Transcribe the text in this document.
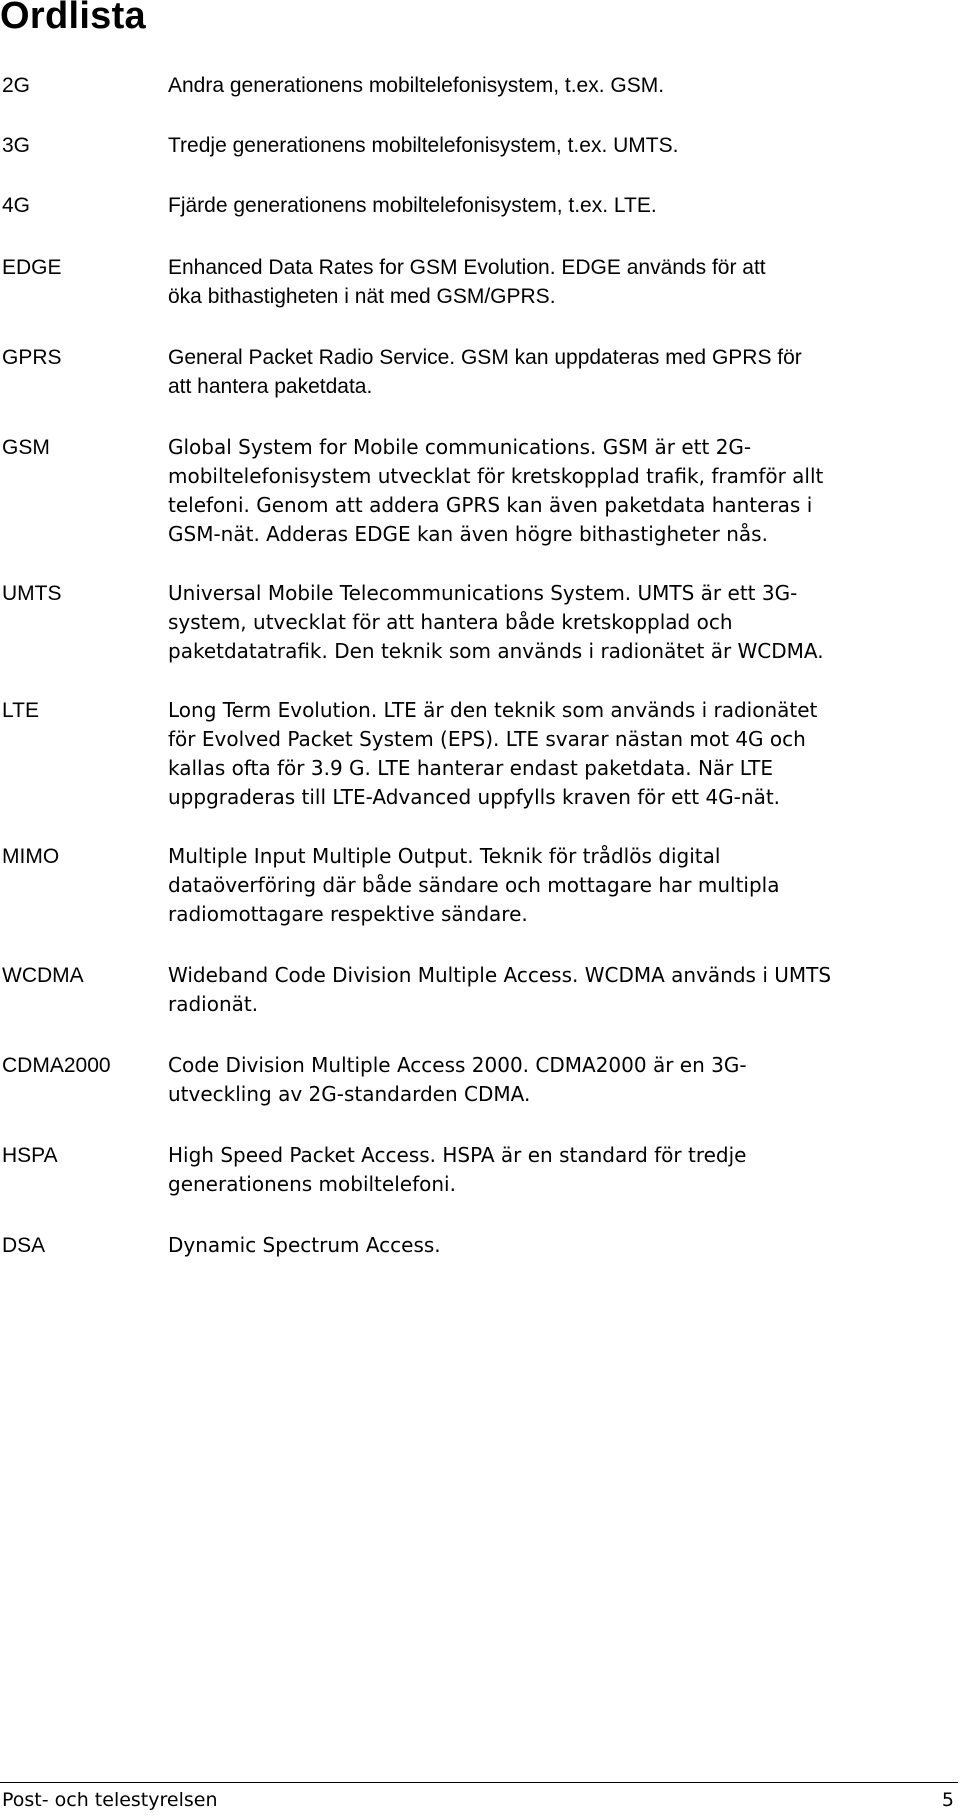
Ordlista
2G	Andra generationens mobiltelefonisystem, t.ex. GSM.
3G	Tredje generationens mobiltelefonisystem, t.ex. UMTS.
4G	Fjärde generationens mobiltelefonisystem, t.ex. LTE.
EDGE	Enhanced Data Rates for GSM Evolution. EDGE används för att
öka bithastigheten i nät med GSM/GPRS.
GPRS	General Packet Radio Service. GSM kan uppdateras med GPRS för
att hantera paketdata.
GSM	Global System for Mobile communications. GSM är ett 2G-
mobiltelefonisystem utvecklat för kretskopplad trafik, framför allt
telefoni. Genom att addera GPRS kan även paketdata hanteras i
GSM-nät. Adderas EDGE kan även högre bithastigheter nås.
UMTS	Universal Mobile Telecommunications System. UMTS är ett 3G-
system, utvecklat för att hantera både kretskopplad och
paketdatatrafik. Den teknik som används i radionätet är WCDMA.
LTE	Long Term Evolution. LTE är den teknik som används i radionätet
för Evolved Packet System (EPS). LTE svarar nästan mot 4G och
kallas ofta för 3.9 G. LTE hanterar endast paketdata. När LTE
uppgraderas till LTE-Advanced uppfylls kraven för ett 4G-nät.
MIMO	Multiple Input Multiple Output. Teknik för trådlös digital
dataöverföring där både sändare och mottagare har multipla
radiomottagare respektive sändare.
WCDMA	Wideband Code Division Multiple Access. WCDMA används i UMTS
radionät.
CDMA2000	Code Division Multiple Access 2000. CDMA2000 är en 3G-
utveckling av 2G-standarden CDMA.
HSPA	High Speed Packet Access. HSPA är en standard för tredje
generationens mobiltelefoni.
DSA	Dynamic Spectrum Access.
Post- och telestyrelsen	5
